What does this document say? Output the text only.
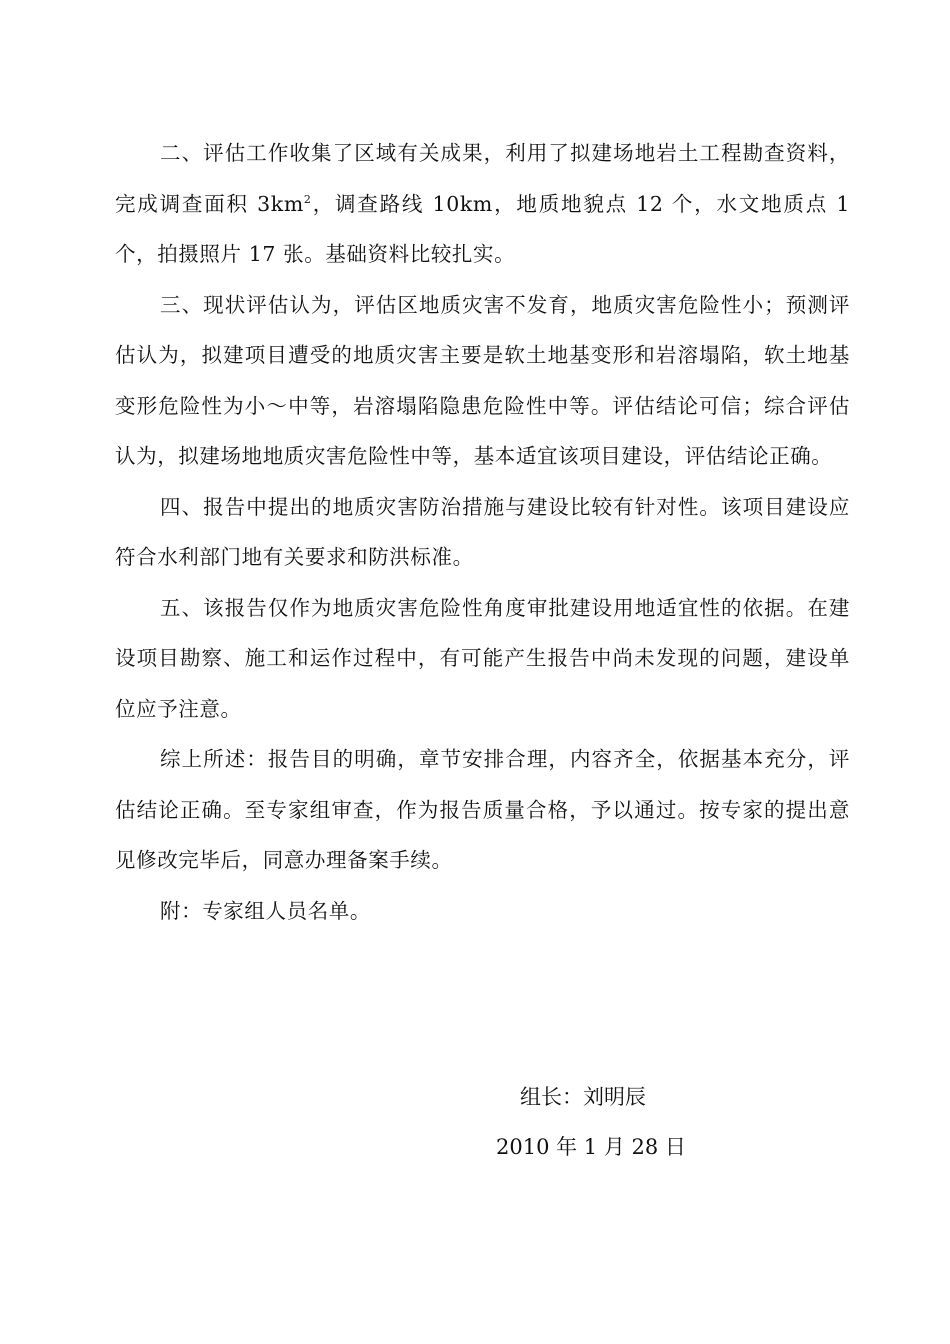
二、评估工作收集了区域有关成果，利用了拟建场地岩土工程勘查资料，完成调查面积 $3km^2$，调查路线 10km，地质地貌点 12 个，水文地质点 1 个，拍摄照片 17 张。基础资料比较扎实。

三、现状评估认为，评估区地质灾害不发育，地质灾害危险性小；预测评估认为，拟建项目遭受的地质灾害主要是软土地基变形和岩溶塌陷，软土地基变形危险性为小～中等，岩溶塌陷隐患危险性中等。评估结论可信；综合评估认为，拟建场地地质灾害危险性中等，基本适宜该项目建设，评估结论正确。

四、报告中提出的地质灾害防治措施与建设比较有针对性。该项目建设应符合水利部门地有关要求和防洪标准。

五、该报告仅作为地质灾害危险性角度审批建设用地适宜性的依据。在建设项目勘察、施工和运作过程中，有可能产生报告中尚未发现的问题，建设单位应予注意。

综上所述：报告目的明确，章节安排合理，内容齐全，依据基本充分，评估结论正确。至专家组审查，作为报告质量合格，予以通过。按专家的提出意见修改完毕后，同意办理备案手续。

附：专家组人员名单。

组长：刘明辰
2010 年 1 月 28 日
